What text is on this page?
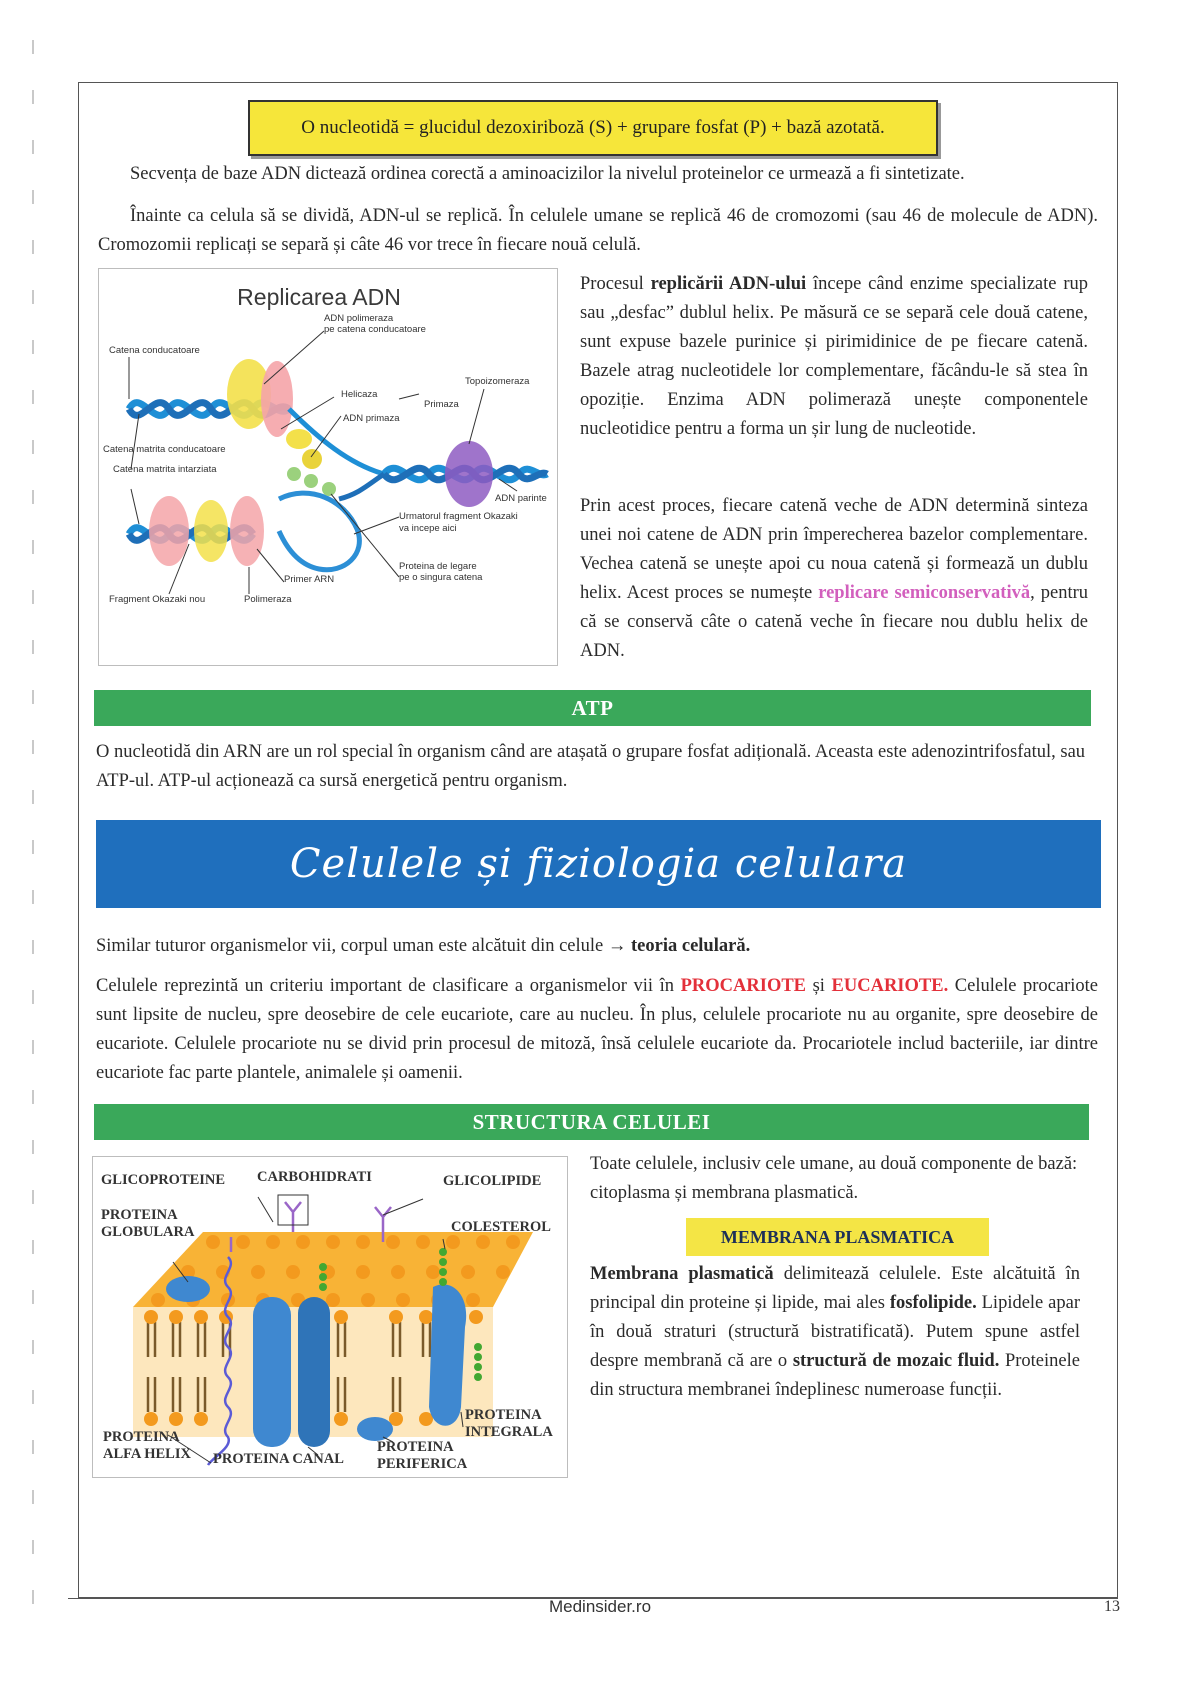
O nucleotidă = glucidul dezoxiriboză (S) + grupare fosfat (P) + bază azotată.

Secvența de baze ADN dictează ordinea corectă a aminoacizilor la nivelul proteinelor ce urmează a fi sintetizate.

Înainte ca celula să se dividă, ADN-ul se replică. În celulele umane se replică 46 de cromozomi (sau 46 de molecule de ADN). Cromozomii replicați se separă și câte 46 vor trece în fiecare nouă celulă.

Replicarea ADN
ADN polimeraza
pe catena conducatoare
Catena conducatoare
Topoizomeraza
Helicaza
Primaza
ADN primaza
Catena matrita conducatoare
Catena matrita intarziata
ADN parinte
Urmatorul fragment Okazaki
va incepe aici
Proteina de legare
pe o singura catena
Primer ARN
Fragment Okazaki nou	Polimeraza

Procesul replicării ADN-ului începe când enzime specializate rup sau „desfac” dublul helix. Pe măsură ce se separă cele două catene, sunt expuse bazele purinice și pirimidinice de pe fiecare catenă. Bazele atrag nucleotidele lor complementare, făcându-le să stea în opoziție. Enzima ADN polimerază unește componentele nucleotidice pentru a forma un șir lung de nucleotide.

Prin acest proces, fiecare catenă veche de ADN determină sinteza unei noi catene de ADN prin împerecherea bazelor complementare. Vechea catenă se unește apoi cu noua catenă și formează un dublu helix. Acest proces se numește replicare semiconservativă, pentru că se conservă câte o catenă veche în fiecare nou dublu helix de ADN.

ATP

O nucleotidă din ARN are un rol special în organism când are atașată o grupare fosfat adițională. Aceasta este adenozintrifosfatul, sau ATP-ul. ATP-ul acționează ca sursă energetică pentru organism.

Celulele și fiziologia celulara

Similar tuturor organismelor vii, corpul uman este alcătuit din celule → teoria celulară.

Celulele reprezintă un criteriu important de clasificare a organismelor vii în PROCARIOTE și EUCARIOTE. Celulele procariote sunt lipsite de nucleu, spre deosebire de cele eucariote, care au nucleu. În plus, celulele procariote nu au organite, spre deosebire de eucariote. Celulele procariote nu se divid prin procesul de mitoză, însă celulele eucariote da. Procariotele includ bacteriile, iar dintre eucariote fac parte plantele, animalele și oamenii.

STRUCTURA CELULEI
GLICOPROTEINE CARBOHIDRATI	GLICOLIPIDE
PROTEINA
GLOBULARA	COLESTEROL
PROTEINA
INTEGRALA
PROTEINA
ALFA HELIX PROTEINA CANAL
PROTEINA
PERIFERICA

Toate celulele, inclusiv cele umane, au două componente de bază: citoplasma și membrana plasmatică.

MEMBRANA PLASMATICA

Membrana plasmatică delimitează celulele. Este alcătuită în principal din proteine și lipide, mai ales fosfolipide. Lipidele apar în două straturi (structură bistratificată). Putem spune astfel despre membrană că are o structură de mozaic fluid. Proteinele din structura membranei îndeplinesc numeroase funcții.

Medinsider.ro	13
